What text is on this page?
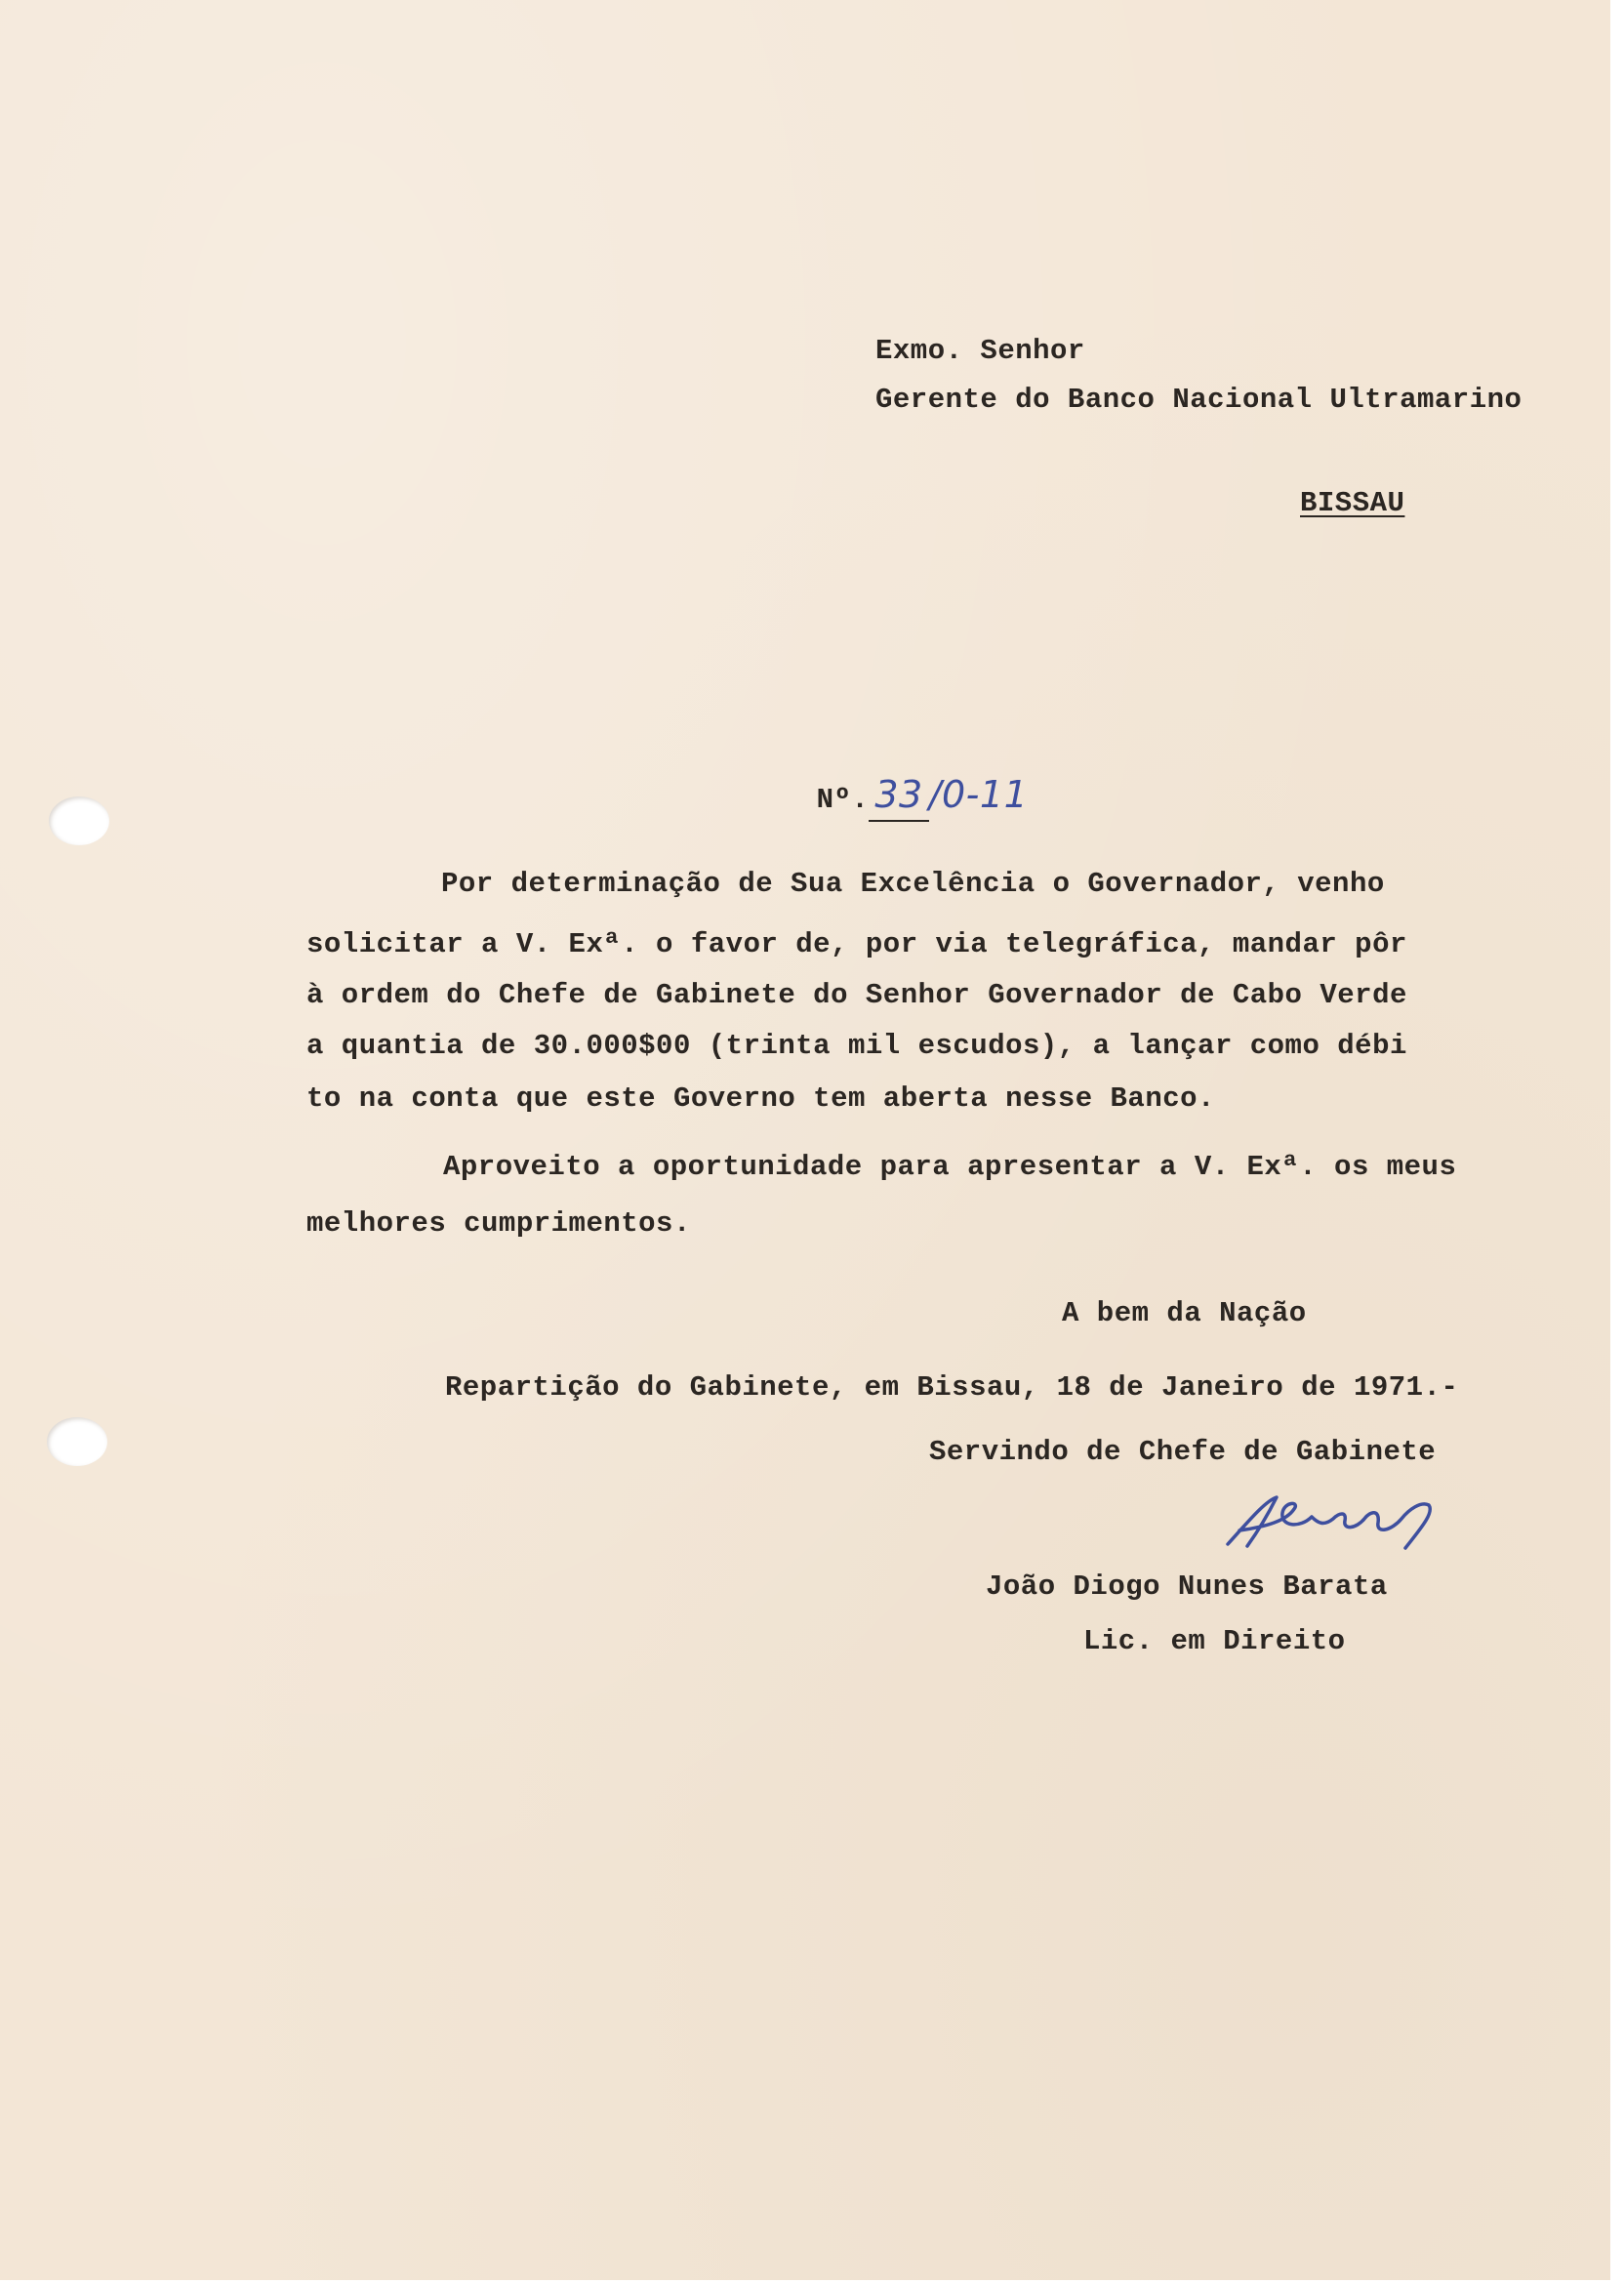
Exmo. Senhor
Gerente do Banco Nacional Ultramarino
BISSAU

Nº. 33 /0-11

Por determinação de Sua Excelência o Governador, venho
solicitar a V. Exª. o favor de, por via telegráfica, mandar pôr
à ordem do Chefe de Gabinete do Senhor Governador de Cabo Verde
a quantia de 30.000$00 (trinta mil escudos), a lançar como débi
to na conta que este Governo tem aberta nesse Banco.
Aproveito a oportunidade para apresentar a V. Exª. os meus
melhores cumprimentos.
A bem da Nação
Repartição do Gabinete, em Bissau, 18 de Janeiro de 1971.-
Servindo de Chefe de Gabinete
João Diogo Nunes Barata
Lic. em Direito
